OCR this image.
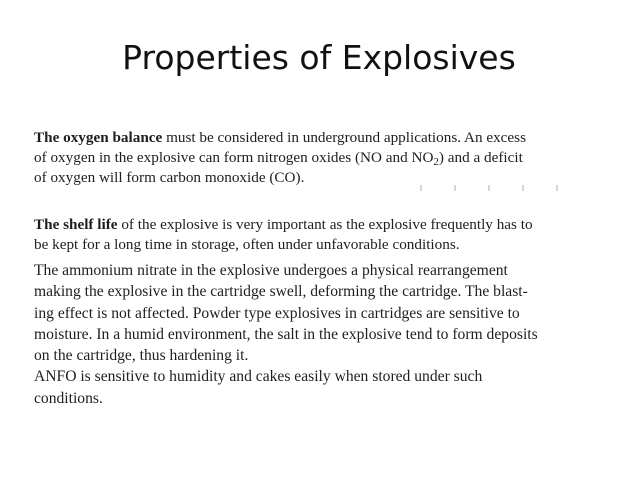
Properties of Explosives
The oxygen balance must be considered in underground applications. An excess
of oxygen in the explosive can form nitrogen oxides (NO and $NO_2$) and a deficit
of oxygen will form carbon monoxide (CO).
The shelf life of the explosive is very important as the explosive frequently has to
be kept for a long time in storage, often under unfavorable conditions.
The ammonium nitrate in the explosive undergoes a physical rearrangement
making the explosive in the cartridge swell, deforming the cartridge. The blast-
ing effect is not affected. Powder type explosives in cartridges are sensitive to
moisture. In a humid environment, the salt in the explosive tend to form deposits
on the cartridge, thus hardening it.
ANFO is sensitive to humidity and cakes easily when stored under such
conditions.
